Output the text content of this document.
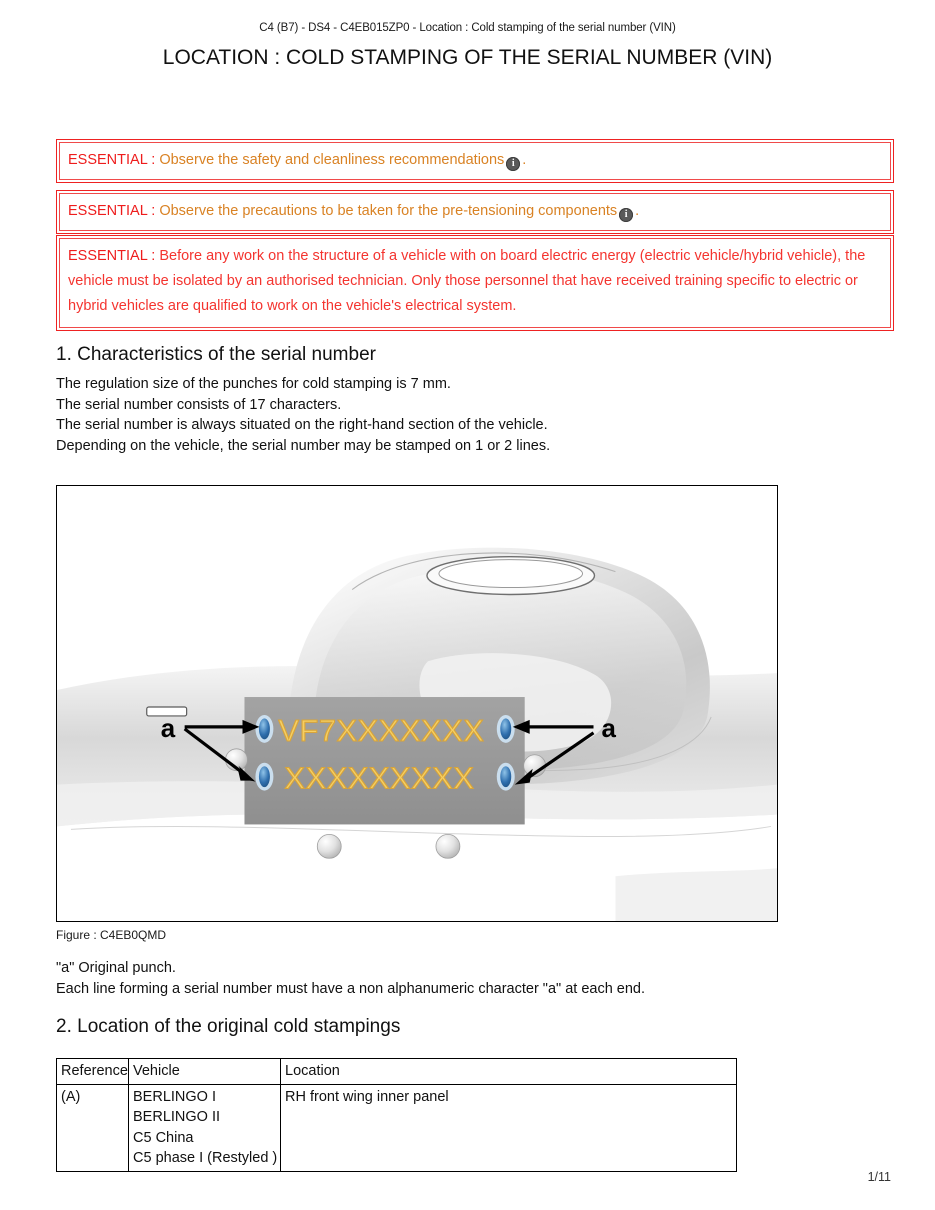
C4 (B7) - DS4 - C4EB015ZP0 - Location : Cold stamping of the serial number (VIN)
LOCATION : COLD STAMPING OF THE SERIAL NUMBER (VIN)
ESSENTIAL : Observe the safety and cleanliness recommendations i .
ESSENTIAL : Observe the precautions to be taken for the pre-tensioning components i .
ESSENTIAL : Before any work on the structure of a vehicle with on board electric energy (electric vehicle/hybrid vehicle), the
vehicle must be isolated by an authorised technician. Only those personnel that have received training specific to electric or
hybrid vehicles are qualified to work on the vehicle's electrical system.
1. Characteristics of the serial number
The regulation size of the punches for cold stamping is 7 mm.
The serial number consists of 17 characters.
The serial number is always situated on the right-hand section of the vehicle.
Depending on the vehicle, the serial number may be stamped on 1 or 2 lines.
VF7XXXXXXX
XXXXXXXXX
a	a
Figure : C4EB0QMD
"a" Original punch.
Each line forming a serial number must have a non alphanumeric character "a" at each end.
2. Location of the original cold stampings
Reference	Vehicle	Location
(A)	BERLINGO I
BERLINGO II
C5 China
C5 phase I (Restyled )	RH front wing inner panel
1/11
